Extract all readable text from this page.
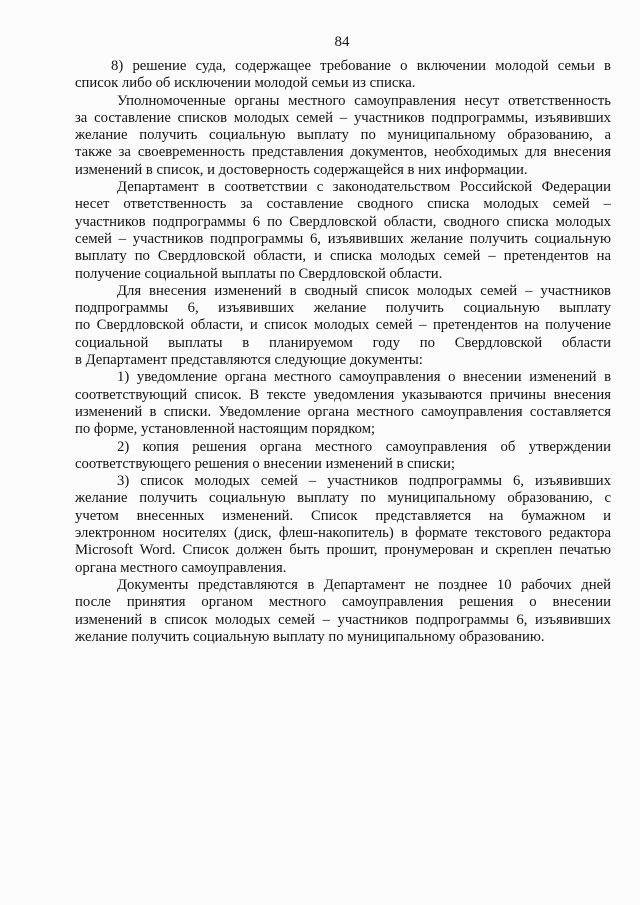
84
8) решение суда, содержащее требование о включении молодой семьи в
список либо об исключении молодой семьи из списка.
Уполномоченные органы местного самоуправления несут ответственность
за составление списков молодых семей – участников подпрограммы, изъявивших
желание получить социальную выплату по муниципальному образованию, а
также за своевременность представления документов, необходимых для внесения
изменений в список, и достоверность содержащейся в них информации.
Департамент в соответствии с законодательством Российской Федерации
несет ответственность за составление сводного списка молодых семей –
участников подпрограммы 6 по Свердловской области, сводного списка молодых
семей – участников подпрограммы 6, изъявивших желание получить социальную
выплату по Свердловской области, и списка молодых семей – претендентов на
получение социальной выплаты по Свердловской области.
Для внесения изменений в сводный список молодых семей – участников
подпрограммы 6, изъявивших желание получить социальную выплату
по Свердловской области, и список молодых семей – претендентов на получение
социальной выплаты в планируемом году по Свердловской области
в Департамент представляются следующие документы:
1) уведомление органа местного самоуправления о внесении изменений в
соответствующий список. В тексте уведомления указываются причины внесения
изменений в списки. Уведомление органа местного самоуправления составляется
по форме, установленной настоящим порядком;
2) копия решения органа местного самоуправления об утверждении
соответствующего решения о внесении изменений в списки;
3) список молодых семей – участников подпрограммы 6, изъявивших
желание получить социальную выплату по муниципальному образованию, с
учетом внесенных изменений. Список представляется на бумажном и
электронном носителях (диск, флеш-накопитель) в формате текстового редактора
Microsoft Word. Список должен быть прошит, пронумерован и скреплен печатью
органа местного самоуправления.
Документы представляются в Департамент не позднее 10 рабочих дней
после принятия органом местного самоуправления решения о внесении
изменений в список молодых семей – участников подпрограммы 6, изъявивших
желание получить социальную выплату по муниципальному образованию.
